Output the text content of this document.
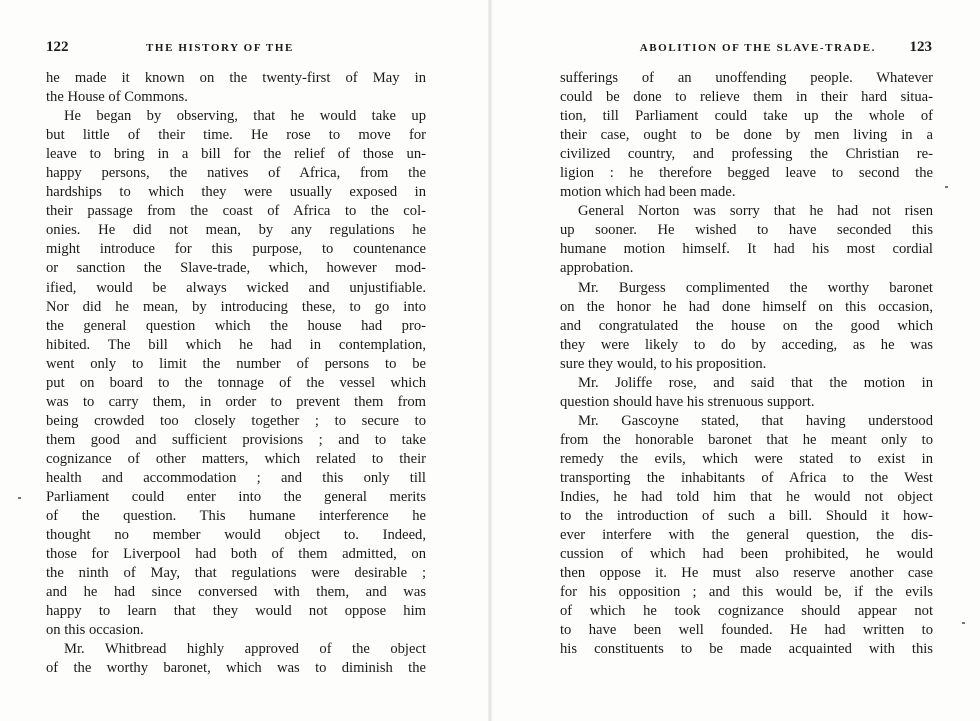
122	THE HISTORY OF THE
he made it known on the twenty-first of May in
the House of Commons.
He began by observing, that he would take up
but little of their time. He rose to move for
leave to bring in a bill for the relief of those un-
happy persons, the natives of Africa, from the
hardships to which they were usually exposed in
their passage from the coast of Africa to the col-
onies. He did not mean, by any regulations he
might introduce for this purpose, to countenance
or sanction the Slave-trade, which, however mod-
ified, would be always wicked and unjustifiable.
Nor did he mean, by introducing these, to go into
the general question which the house had pro-
hibited. The bill which he had in contemplation,
went only to limit the number of persons to be
put on board to the tonnage of the vessel which
was to carry them, in order to prevent them from
being crowded too closely together ; to secure to
them good and sufficient provisions ; and to take
cognizance of other matters, which related to their
health and accommodation ; and this only till
Parliament could enter into the general merits
of the question. This humane interference he
thought no member would object to. Indeed,
those for Liverpool had both of them admitted, on
the ninth of May, that regulations were desirable ;
and he had since conversed with them, and was
happy to learn that they would not oppose him
on this occasion.
Mr. Whitbread highly approved of the object
of the worthy baronet, which was to diminish the
ABOLITION OF THE SLAVE-TRADE. 123
sufferings of an unoffending people. Whatever
could be done to relieve them in their hard situa-
tion, till Parliament could take up the whole of
their case, ought to be done by men living in a
civilized country, and professing the Christian re-
ligion : he therefore begged leave to second the
motion which had been made.
General Norton was sorry that he had not risen
up sooner. He wished to have seconded this
humane motion himself. It had his most cordial
approbation.
Mr. Burgess complimented the worthy baronet
on the honor he had done himself on this occasion,
and congratulated the house on the good which
they were likely to do by acceding, as he was
sure they would, to his proposition.
Mr. Joliffe rose, and said that the motion in
question should have his strenuous support.
Mr. Gascoyne stated, that having understood
from the honorable baronet that he meant only to
remedy the evils, which were stated to exist in
transporting the inhabitants of Africa to the West
Indies, he had told him that he would not object
to the introduction of such a bill. Should it how-
ever interfere with the general question, the dis-
cussion of which had been prohibited, he would
then oppose it. He must also reserve another case
for his opposition ; and this would be, if the evils
of which he took cognizance should appear not
to have been well founded. He had written to
his constituents to be made acquainted with this
